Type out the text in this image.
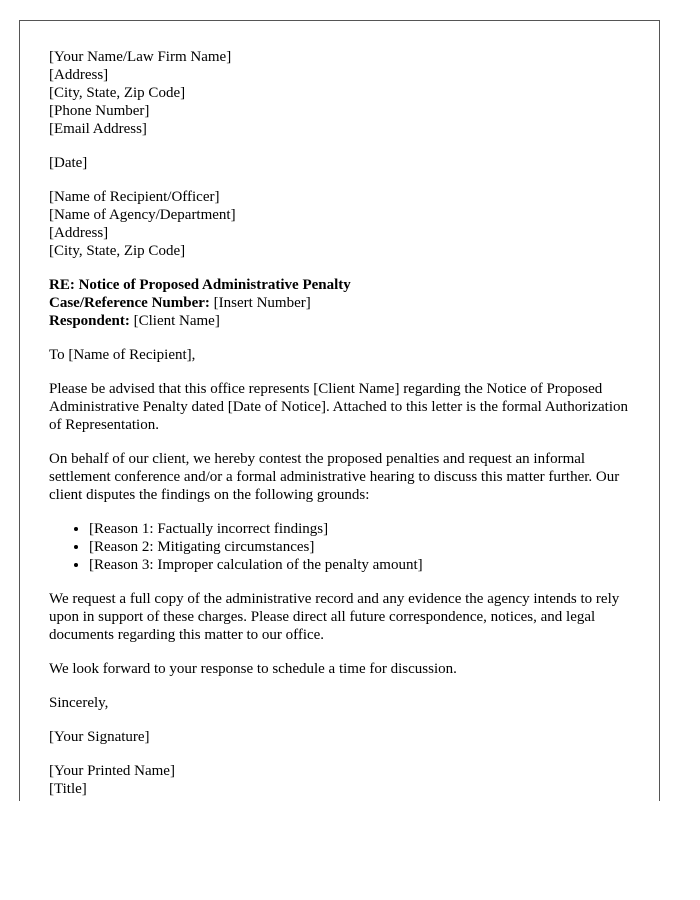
[Your Name/Law Firm Name]
[Address]
[City, State, Zip Code]
[Phone Number]
[Email Address]

[Date]

[Name of Recipient/Officer]
[Name of Agency/Department]
[Address]
[City, State, Zip Code]

RE: Notice of Proposed Administrative Penalty
Case/Reference Number: [Insert Number]
Respondent: [Client Name]

To [Name of Recipient],

Please be advised that this office represents [Client Name] regarding the Notice of Proposed Administrative Penalty dated [Date of Notice]. Attached to this letter is the formal Authorization of Representation.

On behalf of our client, we hereby contest the proposed penalties and request an informal settlement conference and/or a formal administrative hearing to discuss this matter further. Our client disputes the findings on the following grounds:

• [Reason 1: Factually incorrect findings]
• [Reason 2: Mitigating circumstances]
• [Reason 3: Improper calculation of the penalty amount]

We request a full copy of the administrative record and any evidence the agency intends to rely upon in support of these charges. Please direct all future correspondence, notices, and legal documents regarding this matter to our office.

We look forward to your response to schedule a time for discussion.

Sincerely,

[Your Signature]

[Your Printed Name]
[Title]
